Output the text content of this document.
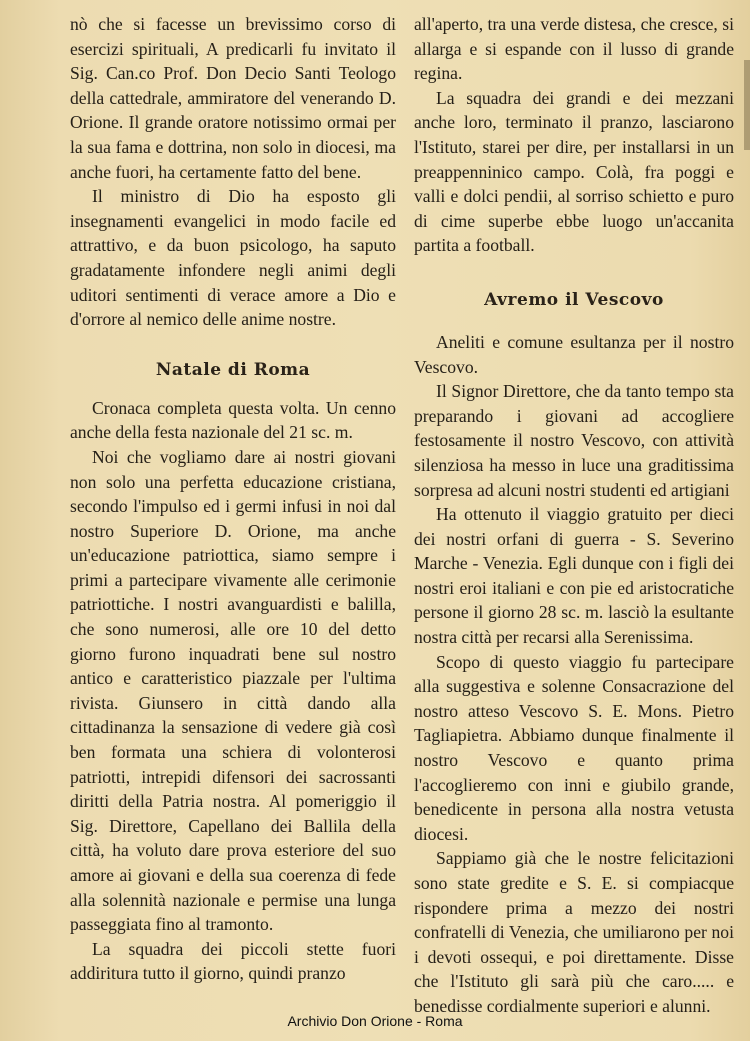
nò che si facesse un brevissimo corso di esercizi spirituali, A predicarli fu invitato il Sig. Can.co Prof. Don Decio Santi Teologo della cattedrale, ammiratore del venerando D. Orione. Il grande oratore notissimo ormai per la sua fama e dottrina, non solo in diocesi, ma anche fuori, ha certamente fatto del bene.

Il ministro di Dio ha esposto gli insegnamenti evangelici in modo facile ed attrattivo, e da buon psicologo, ha saputo gradatamente infondere negli animi degli uditori sentimenti di verace amore a Dio e d'orrore al nemico delle anime nostre.

Natale di Roma

Cronaca completa questa volta. Un cenno anche della festa nazionale del 21 sc. m.

Noi che vogliamo dare ai nostri giovani non solo una perfetta educazione cristiana, secondo l'impulso ed i germi infusi in noi dal nostro Superiore D. Orione, ma anche un'educazione patriottica, siamo sempre i primi a partecipare vivamente alle cerimonie patriottiche. I nostri avanguardisti e balilla, che sono numerosi, alle ore 10 del detto giorno furono inquadrati bene sul nostro antico e caratteristico piazzale per l'ultima rivista. Giunsero in città dando alla cittadinanza la sensazione di vedere già così ben formata una schiera di volonterosi patriotti, intrepidi difensori dei sacrossanti diritti della Patria nostra. Al pomeriggio il Sig. Direttore, Capellano dei Ballila della città, ha voluto dare prova esteriore del suo amore ai giovani e della sua coerenza di fede alla solennità nazionale e permise una lunga passeggiata fino al tramonto.

La squadra dei piccoli stette fuori addiritura tutto il giorno, quindi pranzo

all'aperto, tra una verde distesa, che cresce, si allarga e si espande con il lusso di grande regina.

La squadra dei grandi e dei mezzani anche loro, terminato il pranzo, lasciarono l'Istituto, starei per dire, per installarsi in un preappenninico campo. Colà, fra poggi e valli e dolci pendii, al sorriso schietto e puro di cime superbe ebbe luogo un'accanita partita a football.

Avremo il Vescovo

Aneliti e comune esultanza per il nostro Vescovo.

Il Signor Direttore, che da tanto tempo sta preparando i giovani ad accogliere festosamente il nostro Vescovo, con attività silenziosa ha messo in luce una graditissima sorpresa ad alcuni nostri studenti ed artigiani

Ha ottenuto il viaggio gratuito per dieci dei nostri orfani di guerra - S. Severino Marche - Venezia. Egli dunque con i figli dei nostri eroi italiani e con pie ed aristocratiche persone il giorno 28 sc. m. lasciò la esultante nostra città per recarsi alla Serenissima.

Scopo di questo viaggio fu partecipare alla suggestiva e solenne Consacrazione del nostro atteso Vescovo S. E. Mons. Pietro Tagliapietra. Abbiamo dunque finalmente il nostro Vescovo e quanto prima l'accoglieremo con inni e giubilo grande, benedicente in persona alla nostra vetusta diocesi.

Sappiamo già che le nostre felicitazioni sono state gredite e S. E. si compiacque rispondere prima a mezzo dei nostri confratelli di Venezia, che umiliarono per noi i devoti ossequi, e poi direttamente. Disse che l'Istituto gli sarà più che caro..... e benedisse cordialmente superiori e alunni.

Archivio Don Orione - Roma
